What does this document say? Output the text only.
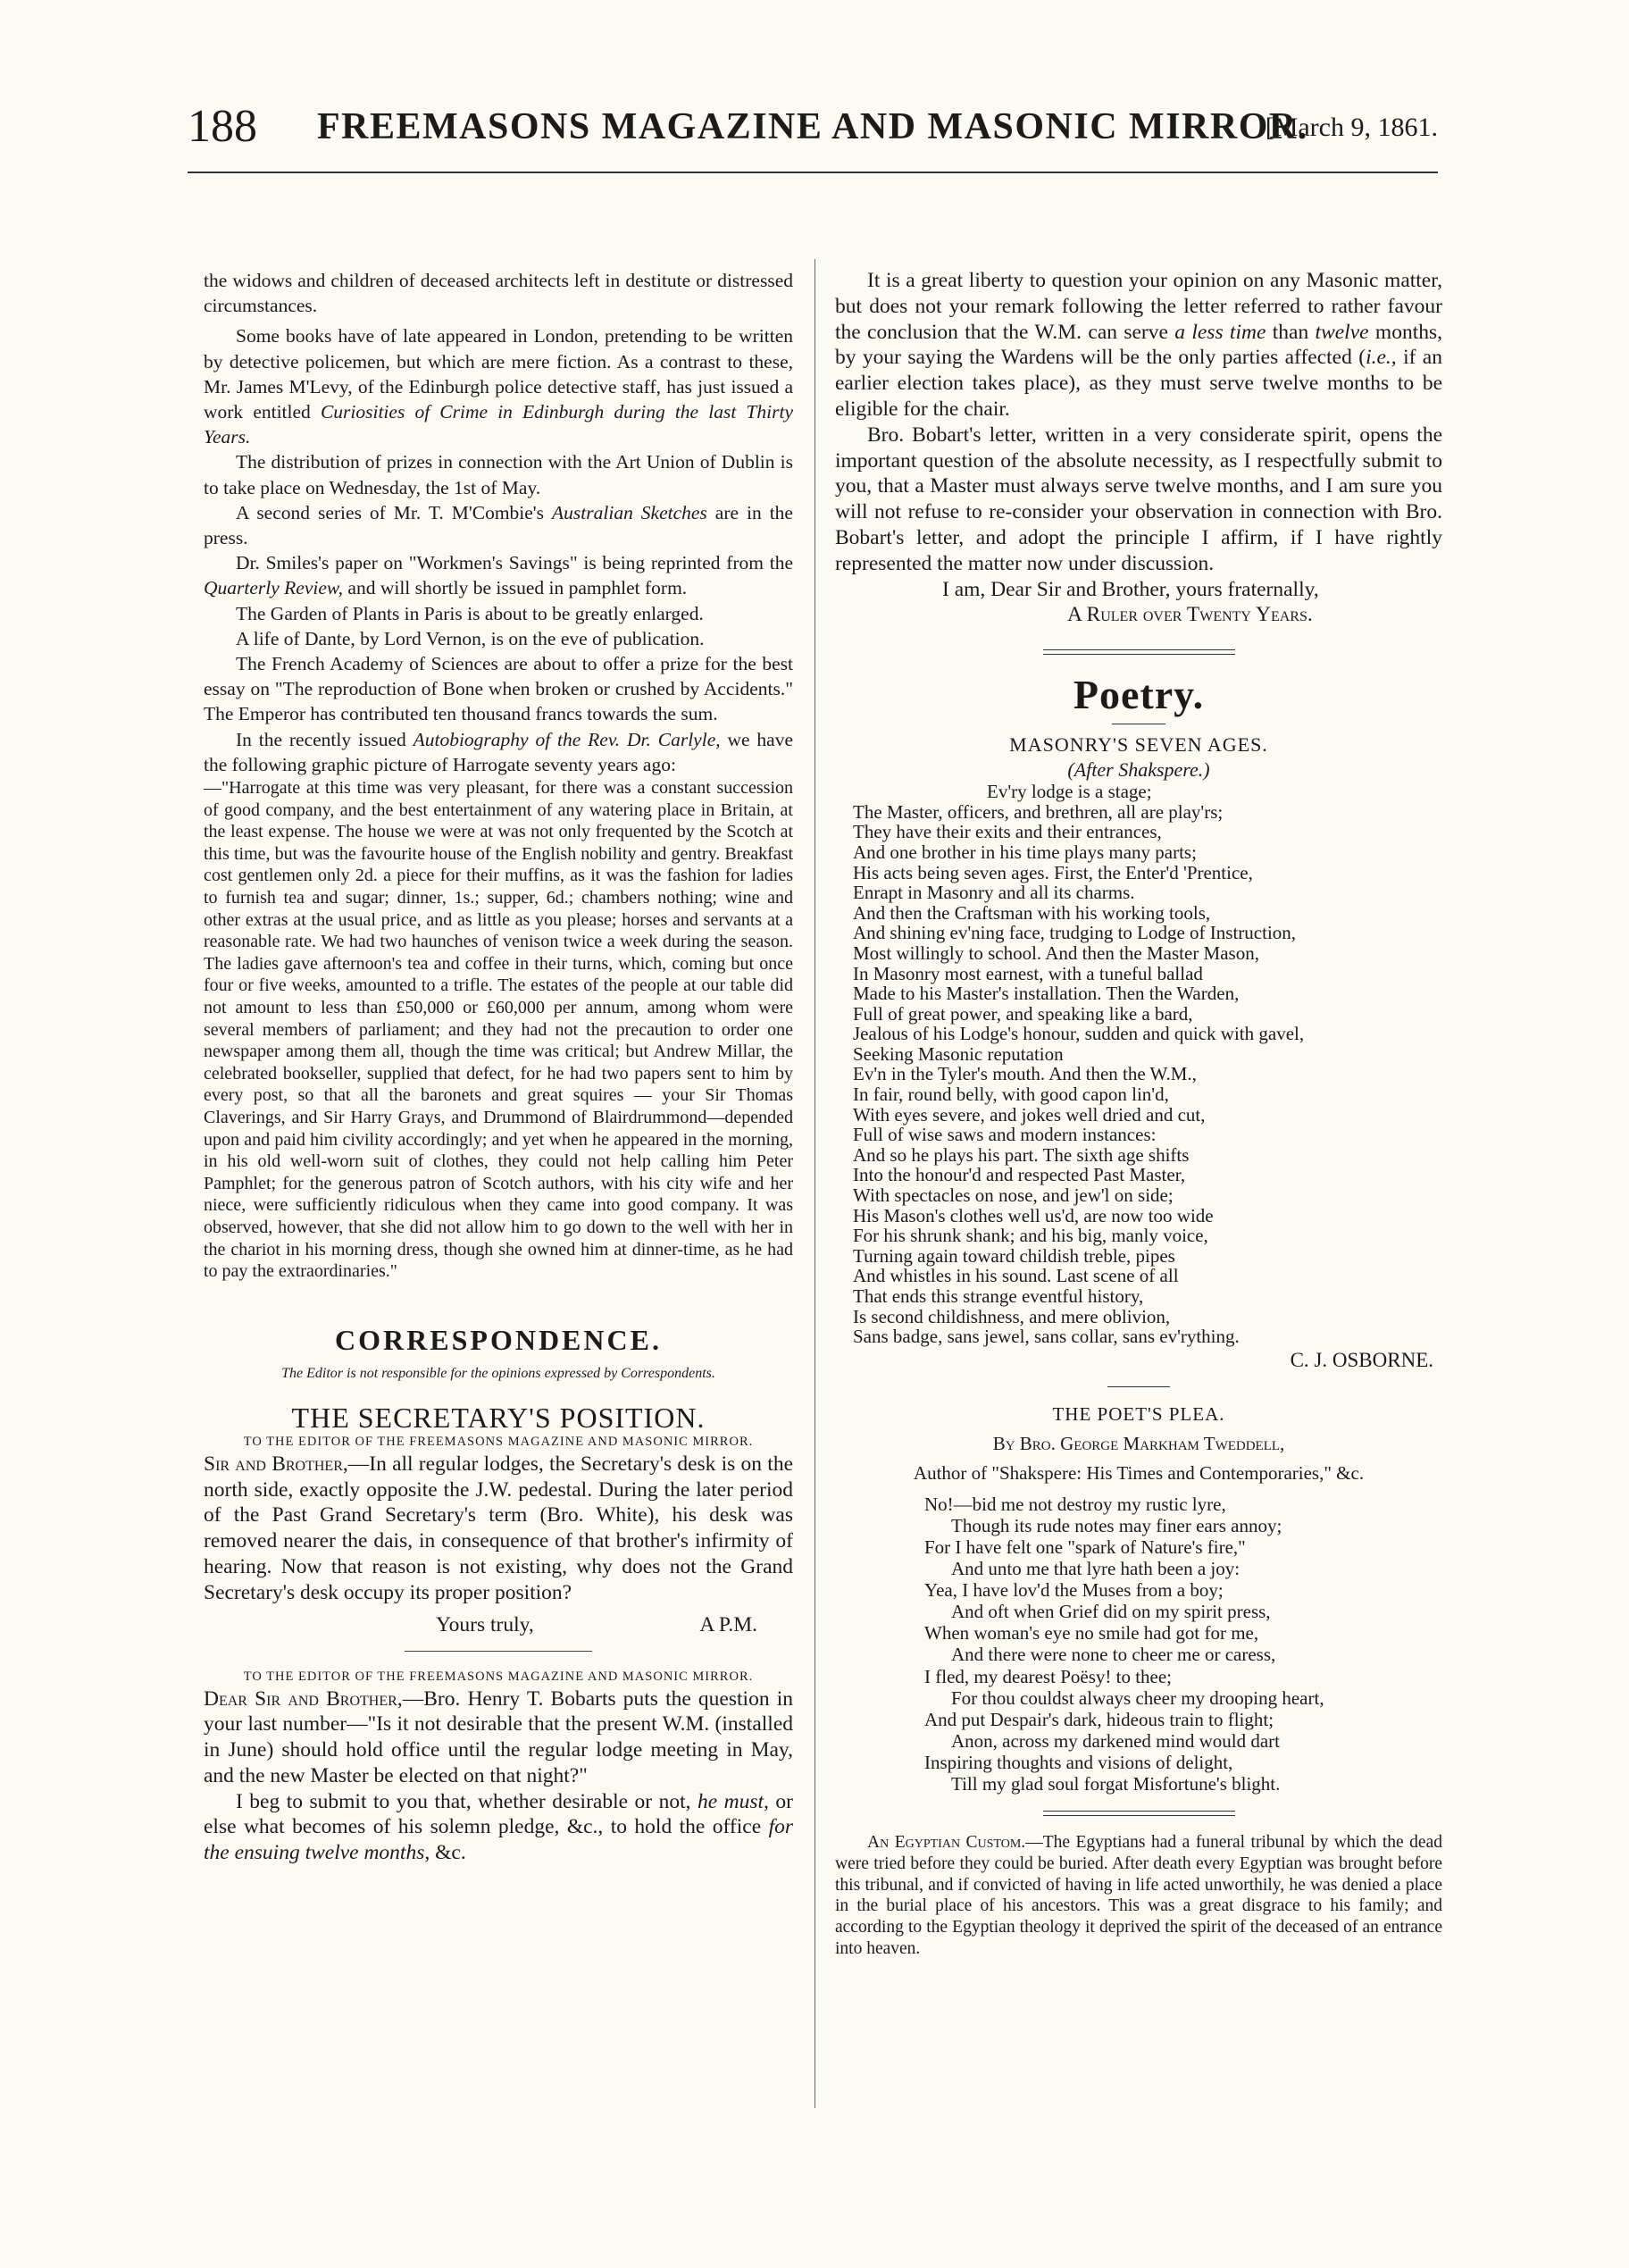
188 FREEMASONS MAGAZINE AND MASONIC MIRROR.
[March 9, 1861.

the widows and children of deceased architects left in destitute or distressed circumstances.

Some books have of late appeared in London, pretending to be written by detective policemen, but which are mere fiction. As a contrast to these, Mr. James M'Levy, of the Edinburgh police detective staff, has just issued a work entitled Curiosities of Crime in Edinburgh during the last Thirty Years.

The distribution of prizes in connection with the Art Union of Dublin is to take place on Wednesday, the 1st of May.

A second series of Mr. T. M'Combie's Australian Sketches are in the press.

Dr. Smiles's paper on "Workmen's Savings" is being reprinted from the Quarterly Review, and will shortly be issued in pamphlet form.

The Garden of Plants in Paris is about to be greatly enlarged.

A life of Dante, by Lord Vernon, is on the eve of publication.

The French Academy of Sciences are about to offer a prize for the best essay on "The reproduction of Bone when broken or crushed by Accidents." The Emperor has contributed ten thousand francs towards the sum.

In the recently issued Autobiography of the Rev. Dr. Carlyle, we have the following graphic picture of Harrogate seventy years ago:

—"Harrogate at this time was very pleasant, for there was a constant succession of good company, and the best entertainment of any watering place in Britain, at the least expense. The house we were at was not only frequented by the Scotch at this time, but was the favourite house of the English nobility and gentry. Breakfast cost gentlemen only 2d. a piece for their muffins, as it was the fashion for ladies to furnish tea and sugar; dinner, 1s.; supper, 6d.; chambers nothing; wine and other extras at the usual price, and as little as you please; horses and servants at a reasonable rate. We had two haunches of venison twice a week during the season. The ladies gave afternoon's tea and coffee in their turns, which, coming but once four or five weeks, amounted to a trifle. The estates of the people at our table did not amount to less than £50,000 or £60,000 per annum, among whom were several members of parliament; and they had not the precaution to order one newspaper among them all, though the time was critical; but Andrew Millar, the celebrated bookseller, supplied that defect, for he had two papers sent to him by every post, so that all the baronets and great squires — your Sir Thomas Claverings, and Sir Harry Grays, and Drummond of Blairdrummond—depended upon and paid him civility accordingly; and yet when he appeared in the morning, in his old well-worn suit of clothes, they could not help calling him Peter Pamphlet; for the generous patron of Scotch authors, with his city wife and her niece, were sufficiently ridiculous when they came into good company. It was observed, however, that she did not allow him to go down to the well with her in the chariot in his morning dress, though she owned him at dinner-time, as he had to pay the extraordinaries."

CORRESPONDENCE.
The Editor is not responsible for the opinions expressed by Correspondents.
THE SECRETARY'S POSITION.
TO THE EDITOR OF THE FREEMASONS MAGAZINE AND MASONIC MIRROR.

Sir and Brother,—In all regular lodges, the Secretary's desk is on the north side, exactly opposite the J.W. pedestal. During the later period of the Past Grand Secretary's term (Bro. White), his desk was removed nearer the dais, in consequence of that brother's infirmity of hearing. Now that reason is not existing, why does not the Grand Secretary's desk occupy its proper position?

Yours truly,	A P.M.
TO THE EDITOR OF THE FREEMASONS MAGAZINE AND MASONIC MIRROR.

Dear Sir and Brother,—Bro. Henry T. Bobarts puts the question in your last number—"Is it not desirable that the present W.M. (installed in June) should hold office until the regular lodge meeting in May, and the new Master be elected on that night?"

I beg to submit to you that, whether desirable or not, he must, or else what becomes of his solemn pledge, &c., to hold the office for the ensuing twelve months, &c.

It is a great liberty to question your opinion on any Masonic matter, but does not your remark following the letter referred to rather favour the conclusion that the W.M. can serve a less time than twelve months, by your saying the Wardens will be the only parties affected (i.e., if an earlier election takes place), as they must serve twelve months to be eligible for the chair.

Bro. Bobart's letter, written in a very considerate spirit, opens the important question of the absolute necessity, as I respectfully submit to you, that a Master must always serve twelve months, and I am sure you will not refuse to re-consider your observation in connection with Bro. Bobart's letter, and adopt the principle I affirm, if I have rightly represented the matter now under discussion.

I am, Dear Sir and Brother, yours fraternally,
A Ruler over Twenty Years.
Poetry.
MASONRY'S SEVEN AGES.
(After Shakspere.)
Ev'ry lodge is a stage;
The Master, officers, and brethren, all are play'rs;
They have their exits and their entrances,
And one brother in his time plays many parts;
His acts being seven ages. First, the Enter'd 'Prentice,
Enrapt in Masonry and all its charms.
And then the Craftsman with his working tools,
And shining ev'ning face, trudging to Lodge of Instruction,
Most willingly to school. And then the Master Mason,
In Masonry most earnest, with a tuneful ballad
Made to his Master's installation. Then the Warden,
Full of great power, and speaking like a bard,
Jealous of his Lodge's honour, sudden and quick with gavel,
Seeking Masonic reputation
Ev'n in the Tyler's mouth. And then the W.M.,
In fair, round belly, with good capon lin'd,
With eyes severe, and jokes well dried and cut,
Full of wise saws and modern instances:
And so he plays his part. The sixth age shifts
Into the honour'd and respected Past Master,
With spectacles on nose, and jew'l on side;
His Mason's clothes well us'd, are now too wide
For his shrunk shank; and his big, manly voice,
Turning again toward childish treble, pipes
And whistles in his sound. Last scene of all
That ends this strange eventful history,
Is second childishness, and mere oblivion,
Sans badge, sans jewel, sans collar, sans ev'rything.
C. J. OSBORNE.
THE POET'S PLEA.
By Bro. George Markham Tweddell,
Author of "Shakspere: His Times and Contemporaries," &c.
No!—bid me not destroy my rustic lyre,
Though its rude notes may finer ears annoy;
For I have felt one "spark of Nature's fire,"
And unto me that lyre hath been a joy:
Yea, I have lov'd the Muses from a boy;
And oft when Grief did on my spirit press,
When woman's eye no smile had got for me,
And there were none to cheer me or caress,
I fled, my dearest Poësy! to thee;
For thou couldst always cheer my drooping heart,
And put Despair's dark, hideous train to flight;
Anon, across my darkened mind would dart
Inspiring thoughts and visions of delight,
Till my glad soul forgat Misfortune's blight.

An Egyptian Custom.—The Egyptians had a funeral tribunal by which the dead were tried before they could be buried. After death every Egyptian was brought before this tribunal, and if convicted of having in life acted unworthily, he was denied a place in the burial place of his ancestors. This was a great disgrace to his family; and according to the Egyptian theology it deprived the spirit of the deceased of an entrance into heaven.
